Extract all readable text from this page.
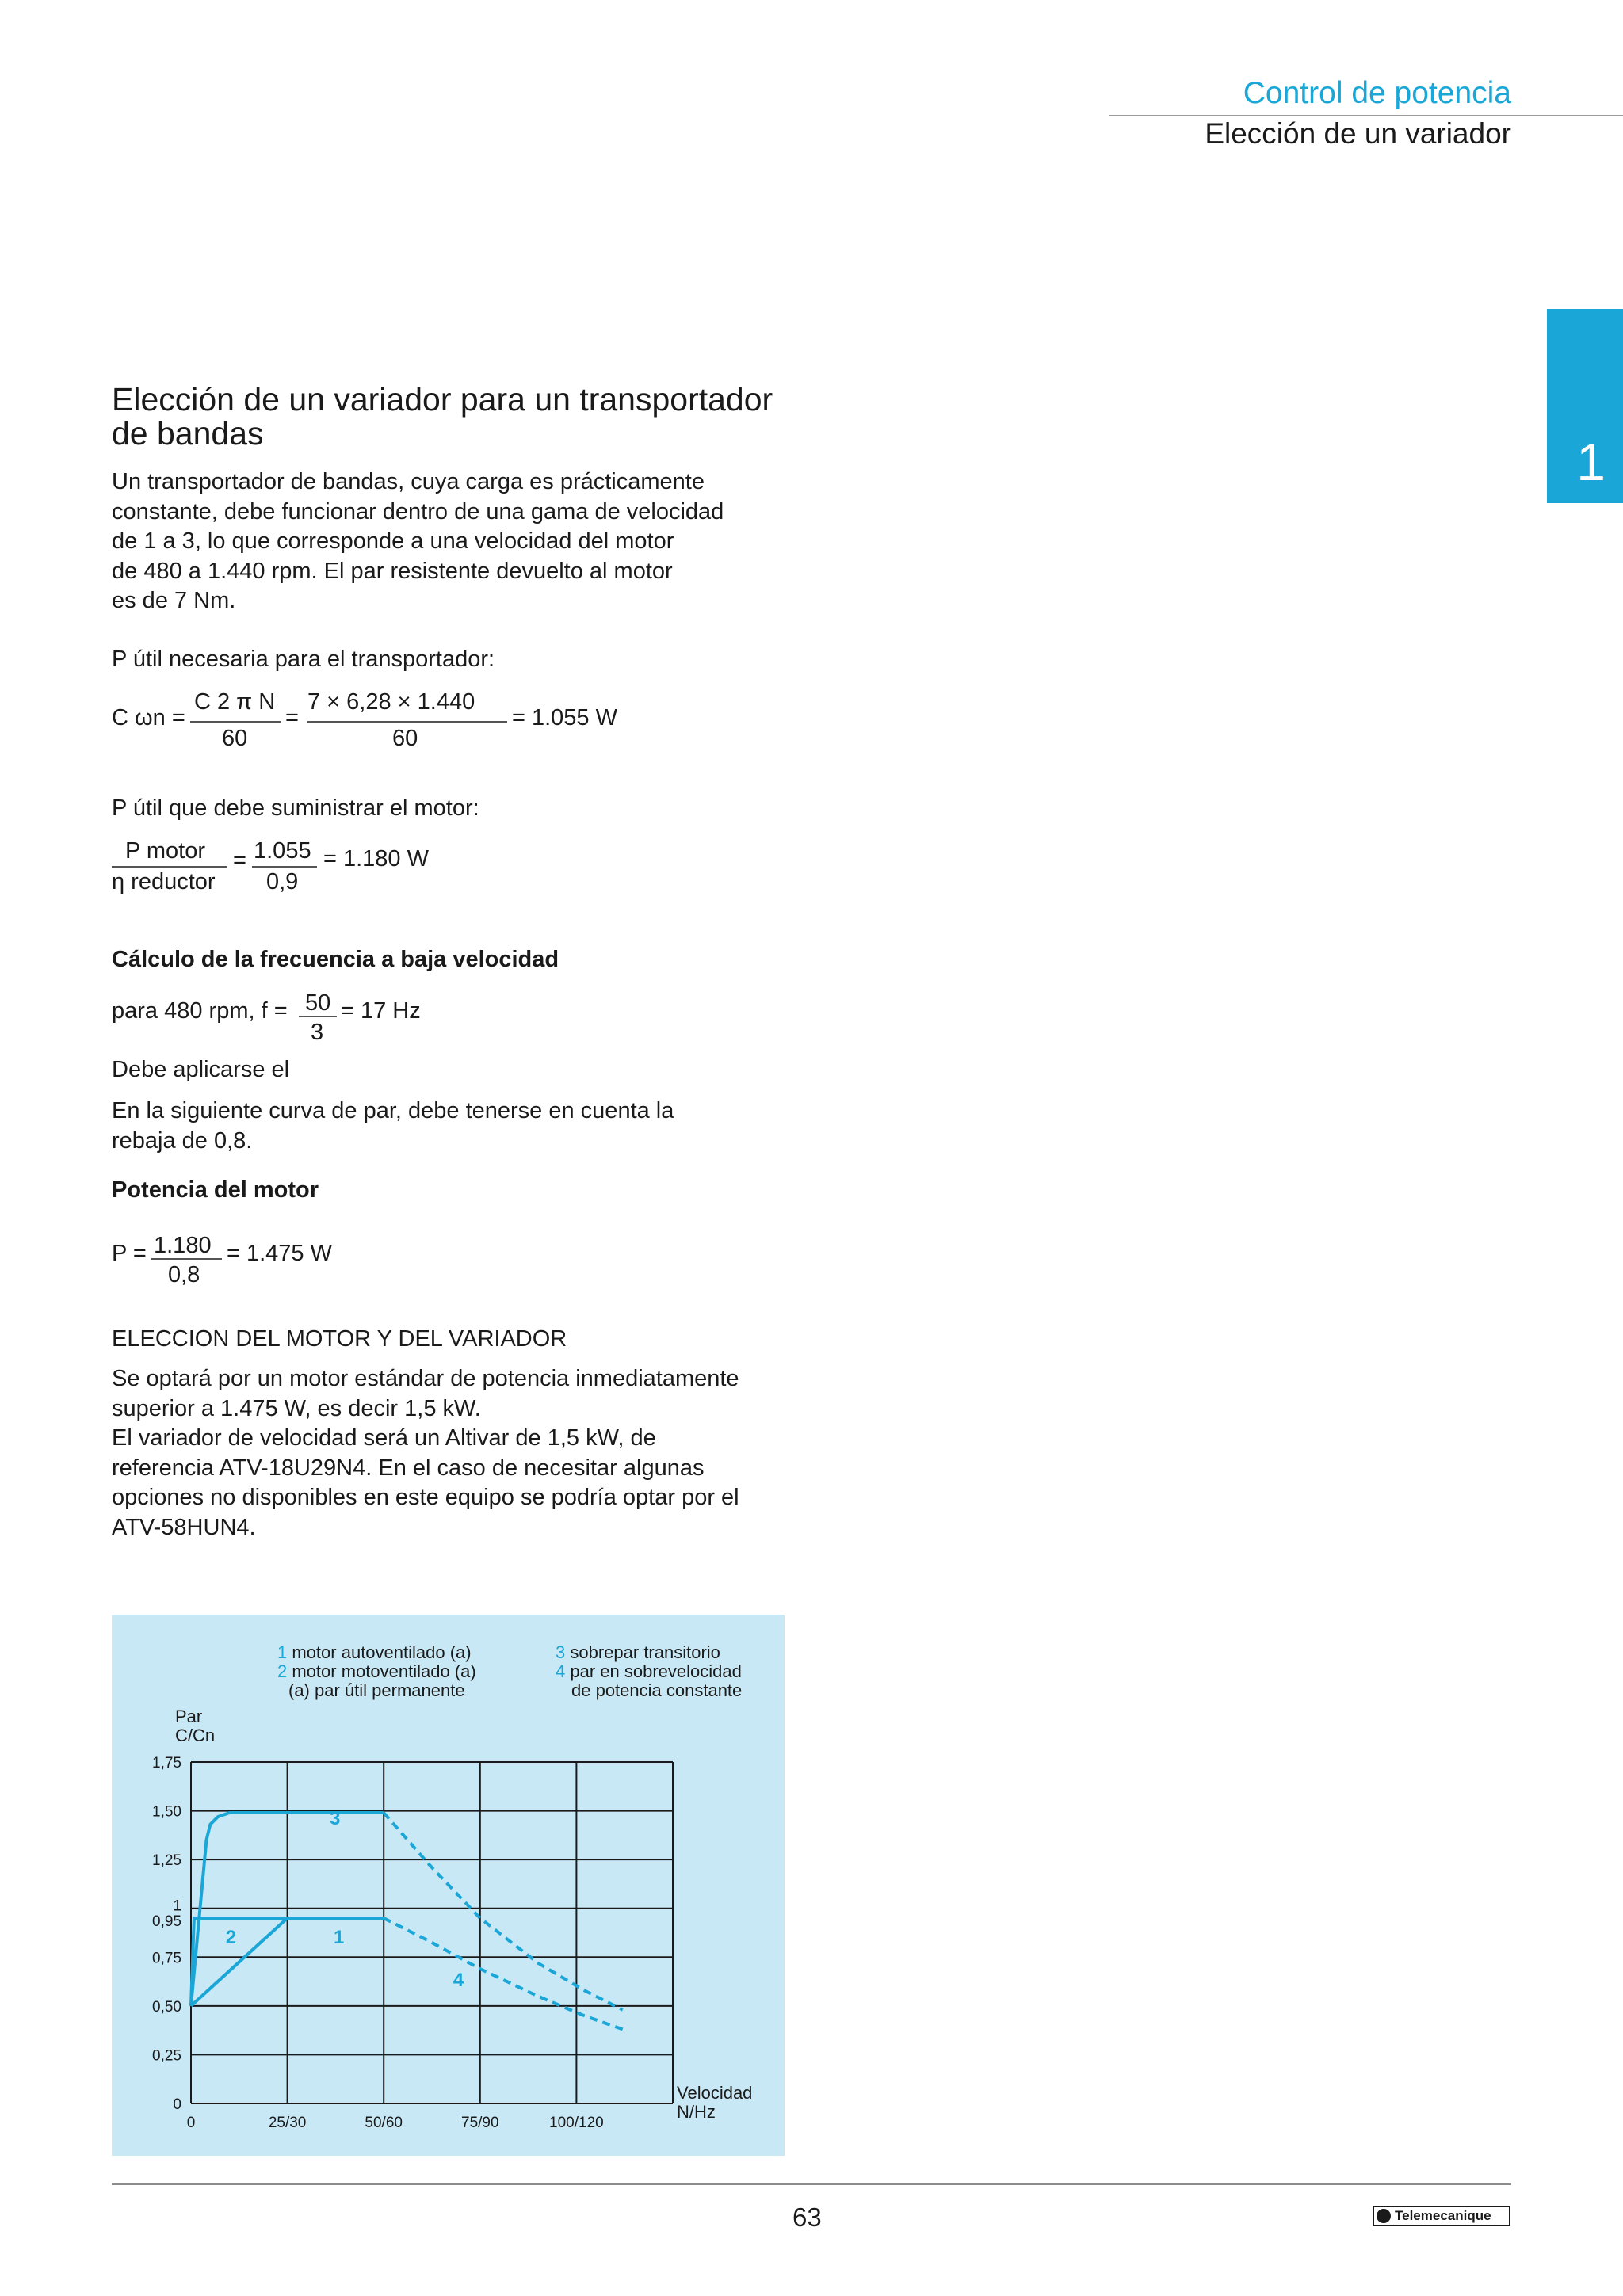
Control de potencia
Elección de un variador
1
Elección de un variador para un transportador de bandas
Un transportador de bandas, cuya carga es prácticamente
constante, debe funcionar dentro de una gama de velocidad
de 1 a 3, lo que corresponde a una velocidad del motor
de 480 a 1.440 rpm. El par resistente devuelto al motor
es de 7 Nm.
P útil necesaria para el transportador:
C ωn =
C 2 π N
60
=
7 × 6,28 × 1.440
60
= 1.055 W
P útil que debe suministrar el motor:
P motor
η reductor
= 1.055
0,9
= 1.180 W
Cálculo de la frecuencia a baja velocidad
para 480 rpm, f = 50
3
= 17 Hz
Debe aplicarse el
En la siguiente curva de par, debe tenerse en cuenta la
rebaja de 0,8.
Potencia del motor
P = 1.180
0,8
= 1.475 W
ELECCION DEL MOTOR Y DEL VARIADOR
Se optará por un motor estándar de potencia inmediatamente
superior a 1.475 W, es decir 1,5 kW.
El variador de velocidad será un Altivar de 1,5 kW, de
referencia ATV-18U29N4. En el caso de necesitar algunas
opciones no disponibles en este equipo se podría optar por el
ATV-58HUN4.
1 motor autoventilado (a)
2 motor motoventilado (a)
(a) par útil permanente
3 sobrepar transitorio
4 par en sobrevelocidad
de potencia constante
Par
C/Cn
Velocidad
N/Hz
0
0,25
0,50
0,75
0,95
1
1,25
1,50
1,75
0	25/30	50/60	75/90	100/120
3
1
2
4
63	Telemecanique
